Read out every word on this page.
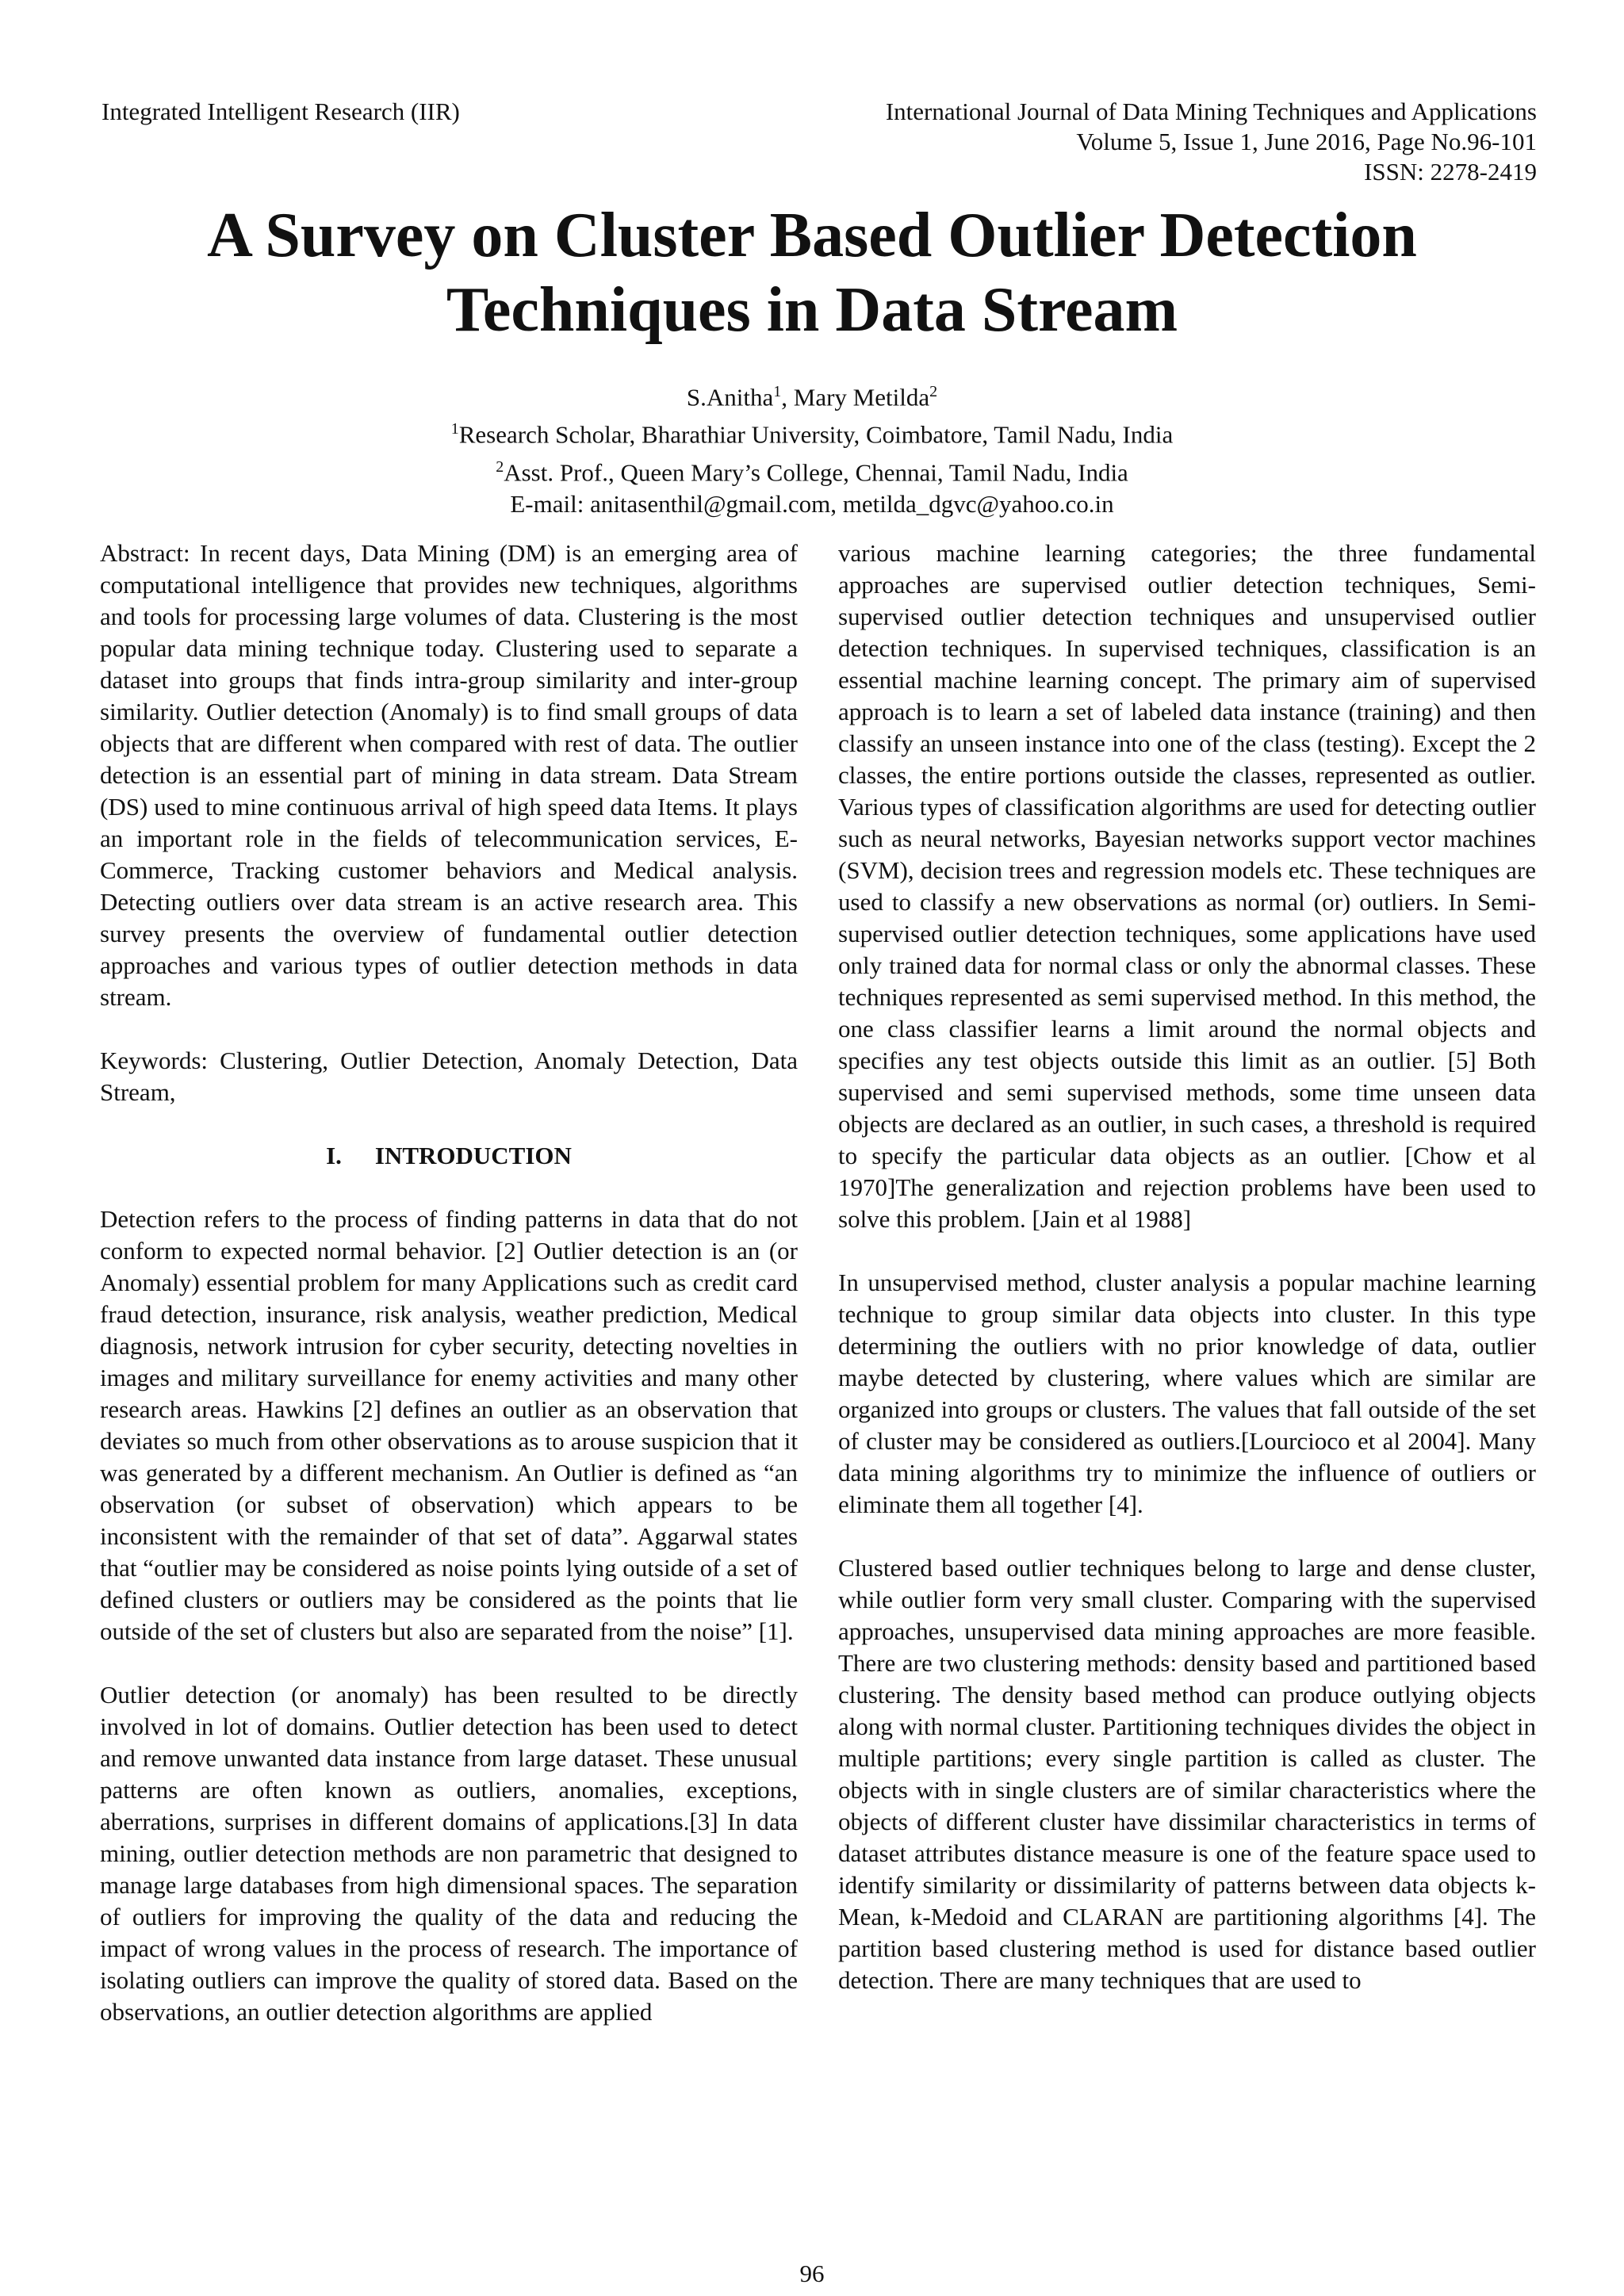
Integrated Intelligent Research (IIR)	International Journal of Data Mining Techniques and Applications
Volume 5, Issue 1, June 2016, Page No.96-101
ISSN: 2278-2419
A Survey on Cluster Based Outlier Detection
Techniques in Data Stream
S.Anitha$^1$, Mary Metilda$^2$
$^1$Research Scholar, Bharathiar University, Coimbatore, Tamil Nadu, India
$^2$Asst. Prof., Queen Mary’s College, Chennai, Tamil Nadu, India
E-mail: anitasenthil@gmail.com, metilda_dgvc@yahoo.co.in

Abstract: In recent days, Data Mining (DM) is an emerging area of computational intelligence that provides new techniques, algorithms and tools for processing large volumes of data. Clustering is the most popular data mining technique today. Clustering used to separate a dataset into groups that finds intra-group similarity and inter-group similarity. Outlier detection (Anomaly) is to find small groups of data objects that are different when compared with rest of data. The outlier detection is an essential part of mining in data stream. Data Stream (DS) used to mine continuous arrival of high speed data Items. It plays an important role in the fields of telecommunication services, E-Commerce, Tracking customer behaviors and Medical analysis. Detecting outliers over data stream is an active research area. This survey presents the overview of fundamental outlier detection approaches and various types of outlier detection methods in data stream.

Keywords: Clustering, Outlier Detection, Anomaly Detection, Data Stream,

I. INTRODUCTION

Detection refers to the process of finding patterns in data that do not conform to expected normal behavior. [2] Outlier detection is an (or Anomaly) essential problem for many Applications such as credit card fraud detection, insurance, risk analysis, weather prediction, Medical diagnosis, network intrusion for cyber security, detecting novelties in images and military surveillance for enemy activities and many other research areas. Hawkins [2] defines an outlier as an observation that deviates so much from other observations as to arouse suspicion that it was generated by a different mechanism. An Outlier is defined as “an observation (or subset of observation) which appears to be inconsistent with the remainder of that set of data”. Aggarwal states that “outlier may be considered as noise points lying outside of a set of defined clusters or outliers may be considered as the points that lie outside of the set of clusters but also are separated from the noise” [1].

Outlier detection (or anomaly) has been resulted to be directly involved in lot of domains. Outlier detection has been used to detect and remove unwanted data instance from large dataset. These unusual patterns are often known as outliers, anomalies, exceptions, aberrations, surprises in different domains of applications.[3] In data mining, outlier detection methods are non parametric that designed to manage large databases from high dimensional spaces. The separation of outliers for improving the quality of the data and reducing the impact of wrong values in the process of research. The importance of isolating outliers can improve the quality of stored data. Based on the observations, an outlier detection algorithms are applied

various machine learning categories; the three fundamental approaches are supervised outlier detection techniques, Semi-supervised outlier detection techniques and unsupervised outlier detection techniques. In supervised techniques, classification is an essential machine learning concept. The primary aim of supervised approach is to learn a set of labeled data instance (training) and then classify an unseen instance into one of the class (testing). Except the 2 classes, the entire portions outside the classes, represented as outlier. Various types of classification algorithms are used for detecting outlier such as neural networks, Bayesian networks support vector machines (SVM), decision trees and regression models etc. These techniques are used to classify a new observations as normal (or) outliers. In Semi-supervised outlier detection techniques, some applications have used only trained data for normal class or only the abnormal classes. These techniques represented as semi supervised method. In this method, the one class classifier learns a limit around the normal objects and specifies any test objects outside this limit as an outlier. [5] Both supervised and semi supervised methods, some time unseen data objects are declared as an outlier, in such cases, a threshold is required to specify the particular data objects as an outlier. [Chow et al 1970]The generalization and rejection problems have been used to solve this problem. [Jain et al 1988]

In unsupervised method, cluster analysis a popular machine learning technique to group similar data objects into cluster. In this type determining the outliers with no prior knowledge of data, outlier maybe detected by clustering, where values which are similar are organized into groups or clusters. The values that fall outside of the set of cluster may be considered as outliers.[Lourcioco et al 2004]. Many data mining algorithms try to minimize the influence of outliers or eliminate them all together [4].

Clustered based outlier techniques belong to large and dense cluster, while outlier form very small cluster. Comparing with the supervised approaches, unsupervised data mining approaches are more feasible. There are two clustering methods: density based and partitioned based clustering. The density based method can produce outlying objects along with normal cluster. Partitioning techniques divides the object in multiple partitions; every single partition is called as cluster. The objects with in single clusters are of similar characteristics where the objects of different cluster have dissimilar characteristics in terms of dataset attributes distance measure is one of the feature space used to identify similarity or dissimilarity of patterns between data objects k-Mean, k-Medoid and CLARAN are partitioning algorithms [4]. The partition based clustering method is used for distance based outlier detection. There are many techniques that are used to

96
